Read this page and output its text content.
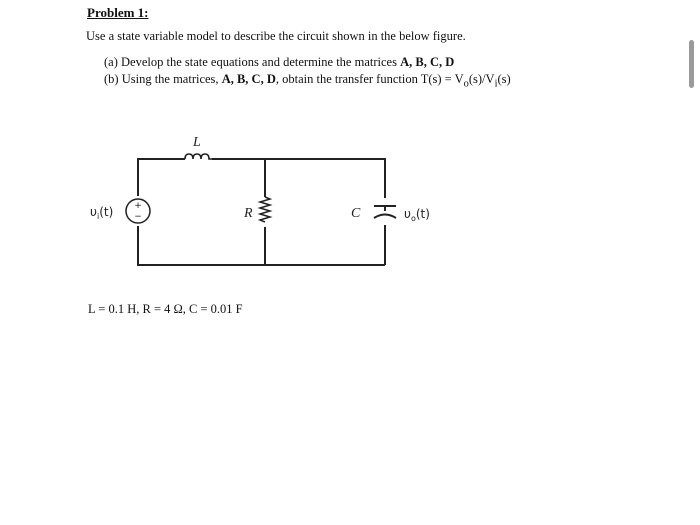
Problem 1:
Use a state variable model to describe the circuit shown in the below figure.
(a) Develop the state equations and determine the matrices A, B, C, D
(b) Using the matrices, A, B, C, D, obtain the transfer function $T(s) = V_o(s)/V_i(s)$
+
−
L
R	C
$\upsilon_i(t)$	$\upsilon_o(t)$
L = 0.1 H, R = 4 Ω, C = 0.01 F
